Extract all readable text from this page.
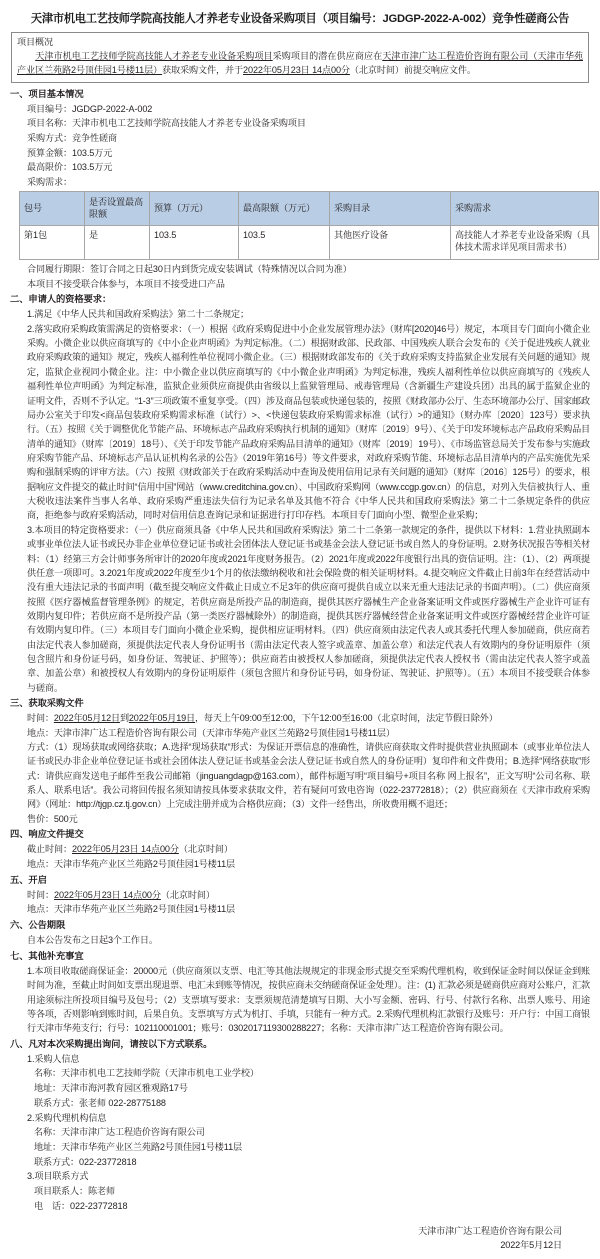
天津市机电工艺技师学院高技能人才养老专业设备采购项目（项目编号：JGDGP-2022-A-002）竞争性磋商公告
项目概况
天津市机电工艺技师学院高技能人才养老专业设备采购项目采购项目的潜在供应商应在天津市津广达工程造价咨询有限公司（天津市华苑产业区兰苑路2号顶佳园1号楼11层）获取采购文件，并于2022年05月23日 14点00分（北京时间）前提交响应文件。
一、项目基本情况
项目编号：JGDGP-2022-A-002
项目名称：天津市机电工艺技师学院高技能人才养老专业设备采购项目
采购方式：竞争性磋商
预算金额：103.5万元
最高限价：103.5万元
采购需求：
包号	是否设置最高限额	预算（万元）	最高限额（万元）	采购目录	采购需求
第1包	是	103.5	103.5	其他医疗设备	高技能人才养老专业设备采购（具体技术需求详见项目需求书）
合同履行期限：签订合同之日起30日内到货完成安装调试（特殊情况以合同为准）
本项目不接受联合体参与，本项目不接受进口产品
二、申请人的资格要求：
1.满足《中华人民共和国政府采购法》第二十二条规定；
2.落实政府采购政策需满足的资格要求：（一）根据《政府采购促进中小企业发展管理办法》（财库[2020]46号）规定，本项目专门面向小微企业采购。小微企业以供应商填写的《中小企业声明函》为判定标准。（二）根据财政部、民政部、中国残疾人联合会发布的《关于促进残疾人就业政府采购政策的通知》规定，残疾人福利性单位视同小微企业。（三）根据财政部发布的《关于政府采购支持监狱企业发展有关问题的通知》规定，监狱企业视同小微企业。注：中小微企业以供应商填写的《中小微企业声明函》为判定标准，残疾人福利性单位以供应商填写的《残疾人福利性单位声明函》为判定标准，监狱企业须供应商提供由省级以上监狱管理局、戒毒管理局（含新疆生产建设兵团）出具的属于监狱企业的证明文件，否则不予认定。“1-3”三项政策不重复享受。（四）涉及商品包装或快递包装的，按照《财政部办公厅、生态环境部办公厅、国家邮政局办公室关于印发<商品包装政府采购需求标准（试行）>、<快递包装政府采购需求标准（试行）>的通知》（财办库〔2020〕123号）要求执行。（五）按照《关于调整优化节能产品、环境标志产品政府采购执行机制的通知》（财库〔2019〕9号）、《关于印发环境标志产品政府采购品目清单的通知》（财库〔2019〕18号）、《关于印发节能产品政府采购品目清单的通知》（财库〔2019〕19号）、《市场监管总局关于发布参与实施政府采购节能产品、环境标志产品认证机构名录的公告》（2019年第16号）等文件要求，对政府采购节能、环境标志品目清单内的产品实施优先采购和强制采购的评审方法。（六）按照《财政部关于在政府采购活动中查询及使用信用记录有关问题的通知》（财库〔2016〕125号）的要求，根据响应文件提交的截止时间“信用中国”网站（www.creditchina.gov.cn）、中国政府采购网（www.ccgp.gov.cn）的信息，对列入失信被执行人、重大税收违法案件当事人名单、政府采购严重违法失信行为记录名单及其他不符合《中华人民共和国政府采购法》第二十二条规定条件的供应商，拒绝参与政府采购活动，同时对信用信息查询记录和证据进行打印存档。本项目专门面向小型、微型企业采购；
3.本项目的特定资格要求：（一）供应商须具备《中华人民共和国政府采购法》第二十二条第一款规定的条件，提供以下材料：1.营业执照副本或事业单位法人证书或民办非企业单位登记证书或社会团体法人登记证书或基金会法人登记证书或自然人的身份证明。2.财务状况报告等相关材料：（1）经第三方会计师事务所审计的2020年度或2021年度财务报告。（2）2021年度或2022年度银行出具的资信证明。注：（1）、（2）两项提供任意一项即可。3.2021年度或2022年度至少1个月的依法缴纳税收和社会保险费的相关证明材料。4.提交响应文件截止日前3年在经营活动中没有重大违法记录的书面声明（截至提交响应文件截止日成立不足3年的供应商可提供自成立以来无重大违法记录的书面声明）。（二）供应商须按照《医疗器械监督管理条例》的规定，若供应商是所投产品的制造商，提供其医疗器械生产企业备案证明文件或医疗器械生产企业许可证有效期内复印件；若供应商不是所投产品（第一类医疗器械除外）的制造商，提供其医疗器械经营企业备案证明文件或医疗器械经营企业许可证有效期内复印件。（三）本项目专门面向小微企业采购，提供相应证明材料。（四）供应商须由法定代表人或其委托代理人参加磋商，供应商若由法定代表人参加磋商，须提供法定代表人身份证明书（需由法定代表人签字或盖章、加盖公章）和法定代表人有效期内的身份证明原件（须包含照片和身份证号码，如身份证、驾驶证、护照等）；供应商若由被授权人参加磋商，须提供法定代表人授权书（需由法定代表人签字或盖章、加盖公章）和被授权人有效期内的身份证明原件（须包含照片和身份证号码，如身份证、驾驶证、护照等）。（五）本项目不接受联合体参与磋商。
三、获取采购文件
时间：2022年05月12日到2022年05月19日，每天上午09:00至12:00，下午12:00至16:00（北京时间，法定节假日除外）
地点：天津市津广达工程造价咨询有限公司（天津市华苑产业区兰苑路2号顶佳园1号楼11层）
方式：（1）现场获取或网络获取；A.选择“现场获取”形式：为保证开票信息的准确性，请供应商获取文件时提供营业执照副本（或事业单位法人证书或民办非企业单位登记证书或社会团体法人登记证书或基金会法人登记证书或自然人的身份证明）复印件和文件费用；B.选择“网络获取”形式：请供应商发送电子邮件至我公司邮箱（jinguangdagp@163.com），邮件标题写明“项目编号+项目名称 网上报名”，正文写明“公司名称、联系人、联系电话”。我公司将回传报名须知请按具体要求获取文件，若有疑问可致电咨询（022-23772818）；（2）供应商须在《天津市政府采购网》（网址：http://tjgp.cz.tj.gov.cn）上完成注册并成为合格供应商；（3）文件一经售出，所收费用概不退还；
售价：500元
四、响应文件提交
截止时间：2022年05月23日 14点00分（北京时间）
地点：天津市华苑产业区兰苑路2号顶佳园1号楼11层
五、开启
时间：2022年05月23日 14点00分（北京时间）
地点：天津市华苑产业区兰苑路2号顶佳园1号楼11层
六、公告期限
自本公告发布之日起3个工作日。
七、其他补充事宜
1.本项目收取磋商保证金：20000元（供应商须以支票、电汇等其他法规规定的非现金形式提交至采购代理机构，收到保证金时间以保证金到账时间为准，至截止时间如支票出现退票、电汇未到账等情况，按供应商未交纳磋商保证金处理）。注：(1) 汇款必须是磋商供应商对公账户，汇款用途须标注所投项目编号及包号；（2）支票填写要求：支票须规范清楚填写日期、大小写金额、密码、行号、付款行名称、出票人账号、用途等各项，否则影响到账时间，后果自负。支票填写方式为机打、手填，只能有一种方式。2.采购代理机构汇款银行及账号：开户行：中国工商银行天津市华苑支行；行号：102110001001；账号：0302017119300288227；名称：天津市津广达工程造价咨询有限公司。
八、凡对本次采购提出询问，请按以下方式联系。
1.采购人信息
名称：天津市机电工艺技师学院（天津市机电工业学校）
地址：天津市海河教育园区雅观路17号
联系方式：张老师 022-28775188
2.采购代理机构信息
名称：天津市津广达工程造价咨询有限公司
地址：天津市华苑产业区兰苑路2号顶佳园1号楼11层
联系方式：022-23772818
3.项目联系方式
项目联系人：陈老师
电　话：022-23772818
天津市津广达工程造价咨询有限公司
2022年5月12日
